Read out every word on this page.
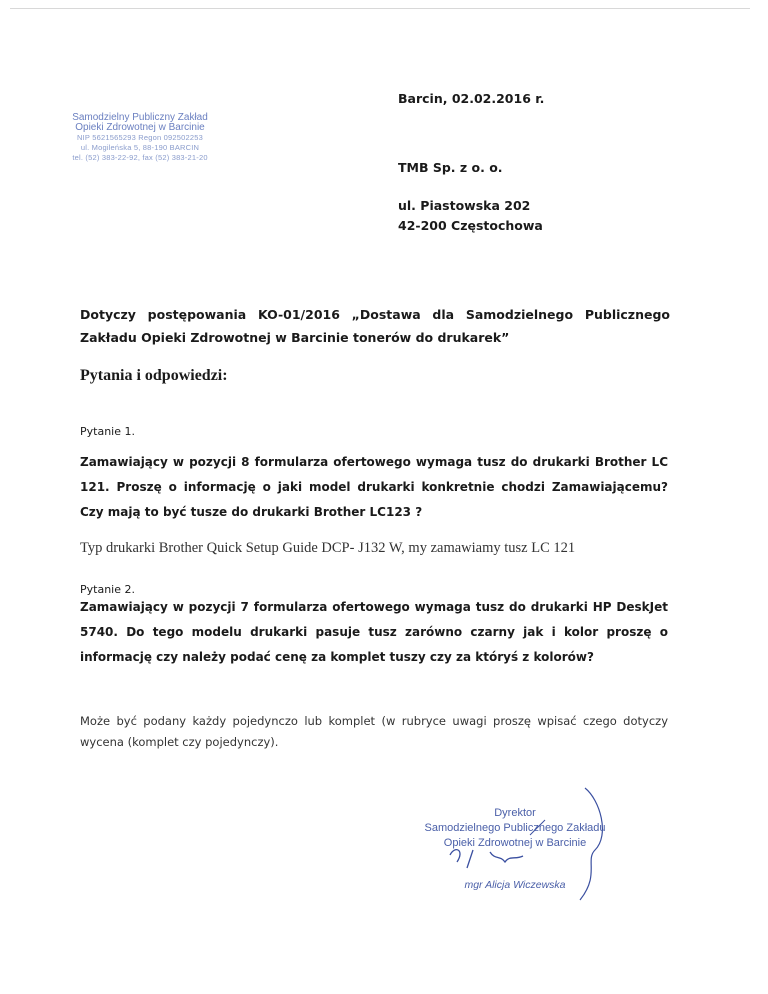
Samodzielny Publiczny Zakład
Opieki Zdrowotnej w Barcinie
NIP 5621565293 Regon 092502253
ul. Mogileńska 5, 88-190 BARCIN
tel. (52) 383-22-92, fax (52) 383-21-20
Barcin, 02.02.2016 r.
TMB Sp. z o. o.
ul. Piastowska 202
42-200 Częstochowa
Dotyczy postępowania KO-01/2016 „Dostawa dla Samodzielnego Publicznego Zakładu Opieki Zdrowotnej w Barcinie tonerów do drukarek”
Pytania i odpowiedzi:
Pytanie 1.
Zamawiający w pozycji 8 formularza ofertowego wymaga tusz do drukarki Brother LC 121. Proszę o informację o jaki model drukarki konkretnie chodzi Zamawiającemu? Czy mają to być tusze do drukarki Brother LC123 ?
Typ drukarki Brother Quick Setup Guide DCP- J132 W, my zamawiamy tusz LC 121
Pytanie 2.
Zamawiający w pozycji 7 formularza ofertowego wymaga tusz do drukarki HP DeskJet 5740. Do tego modelu drukarki pasuje tusz zarówno czarny jak i kolor proszę o informację czy należy podać cenę za komplet tuszy czy za któryś z kolorów?
Może być podany każdy pojedynczo lub komplet (w rubryce uwagi proszę wpisać czego dotyczy wycena (komplet czy pojedynczy).
Dyrektor
Samodzielnego Publicznego Zakładu
Opieki Zdrowotnej w Barcinie
mgr Alicja Wiczewska
